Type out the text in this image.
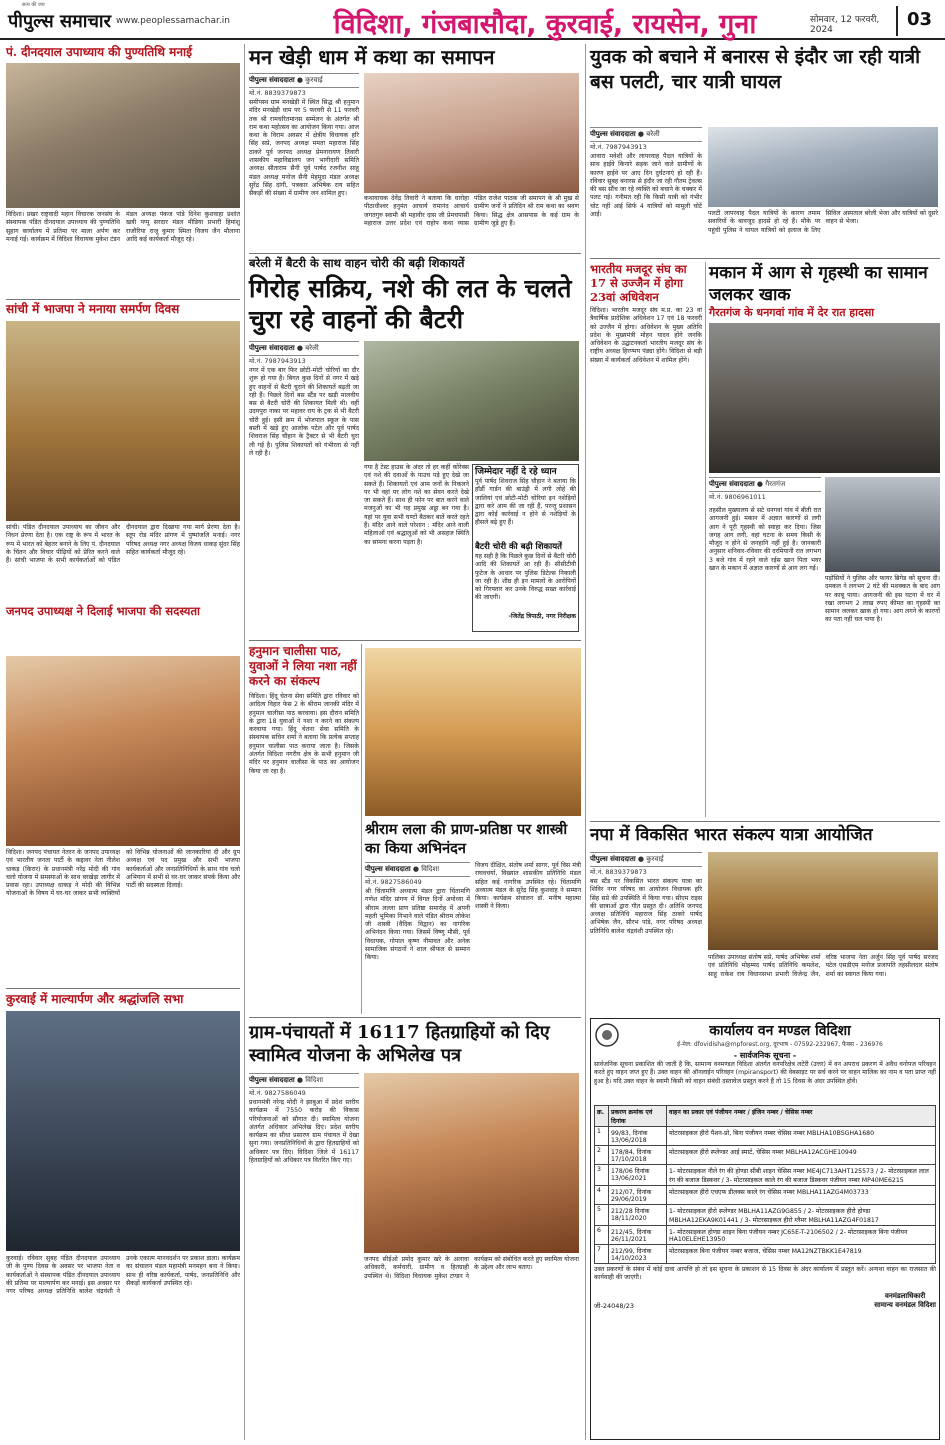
सत्य की जय
पीपुल्स समाचार www.peoplessamachar.in	विदिशा, गंजबासौदा, कुरवाई, रायसेन, गुना	सोमवार, 12 फरवरी, 2024	03
पं. दीनदयाल उपाध्याय की पुण्यतिथि मनाई
विदिशा। प्रखर राष्ट्रवादी महान विचारक जनसंघ के संस्थापक पंडित दीनदयाल उपाध्याय की पुण्यतिथि सुहाग कार्यालय में प्रतिमा पर माला अर्पण कर मनाई गई। कार्यक्रम में विदिशा विधायक मुकेश टंडन मंडल अध्यक्ष पंकज पांडे दिनेश कुशवाहा प्रशांत खत्री पप्पू सरदार मंडल मीडिया प्रभारी हिमांशु राजौरिया राजू कुमार स्मिता विजय जैन मौलाना आदि कई कार्यकर्ता मौजूद रहे।
सांची में भाजपा ने मनाया समर्पण दिवस
सांची। पंडित दीनदयाल उपाध्याय का जीवन और निधन प्रेरणा देता है। एक राष्ट्र के रूप में भारत के रूप में भारत को बेहतर बनाने के लिए पं. दीनदयाल के चिंतन और विचार पीढ़ियों को प्रेरित करने वाले हैं। सांची भाजपा के सभी कार्यकर्ताओं को पंडित दीनदयाल द्वारा दिखाया गया मार्ग प्रेरणा देता है। स्तूप रोड मंदिर प्रांगण में पुष्पांजलि मनाई। नगर परिषद अध्यक्ष नगर अध्यक्ष विजय धाकड़ सुंदर सिंह सहित कार्यकर्ता मौजूद रहे।
जनपद उपाध्यक्ष ने दिलाई भाजपा की सदस्यता
विदिशा। जनपद पंचायत नेतरन के जनपद उपाध्यक्ष एवं भारतीय जनता पार्टी के कद्दावर नेता नीलेश धाकड़ (किरार) के प्रधानमंत्री नरेंद्र मोदी की गांव चलो योजना में समस्याओं के साथ बरखेड़ा जागीर में प्रवास रहा। उपाध्यक्ष धाकड़ ने मोदी की विभिन्न योजनाओं के विषय में घर-घर जाकर सभी व्यक्तियों को विभिन्न योजनाओं की जानकारियां दी और ग्रुप अध्यक्ष एवं पद प्रमुख और सभी भाजपा कार्यकर्ताओं और जनप्रतिनिधियों के साथ गांव चलो अभियान में सभी से घर-घर जाकर संपर्क किया और पार्टी की सदस्यता दिलाई।
कुरवाई में माल्यार्पण और श्रद्धांजलि सभा
कुरवाई। रविवार सुबह पंडित दीनदयाल उपाध्याय जी के पुण्य दिवस के अवसर पर भाजपा नेता व कार्यकर्ताओं ने संस्थापक पंडित दीनदयाल उपाध्याय की प्रतिमा पर माल्यार्पण कर मनाई। इस अवसर पर नगर परिषद अध्यक्ष प्रतिनिधि बालेश चंद्रवंशी ने उनके एकात्म मानवदर्शन पर प्रकाश डाला। कार्यक्रम का संचालन मंडल महामंत्री मनमहन बना ने किया। साथ ही वरिष्ठ कार्यकर्ता, पार्षद, जनप्रतिनिधि और सैकड़ों कार्यकर्ता उपस्थित रहे।
मन खेड़ी धाम में कथा का समापन
पीपुल्स संवाददाता ● कुरवाई
मो.नं. 8839379873
समीपस्थ ग्राम मनखेड़ी में स्थित सिद्ध श्री हनुमान मंदिर मनखेड़ी धाम पर 5 फरवरी से 11 फरवरी तक श्री रामचरितमानस सम्मेलन के अंतर्गत श्री राम कथा महोत्सव का आयोजन किया गया। आज कथा के विराम अवसर में क्षेत्रीय विधायक हरि सिंह सप्रे, जनपद अध्यक्ष ममता महाराज सिंह ठाकरे पूर्व जनपद अध्यक्ष प्रेमनारायण तिवारी शासकीय महाविद्यालय जन भागीदारी समिति अध्यक्ष सीताराम सैनी पूर्व पार्षद रजनीश साहू मंडल अध्यक्ष मनोज सैनी मेहमूदा मंडल अध्यक्ष सुरेंद्र सिंह दांगी, पत्रकार अभिषेक राय सहित सैकड़ों की संख्या में ग्रामीण जन शामिल हुए।
कथावाचक देवेंद्र तिवारी ने बताया कि धारोहा पीठाधीश्वर हनुमंत आचार्य रामानंद आचार्य जगतगुरु स्वामी श्री महावीर दास जी प्रेमचपासी महाराज उत्तर प्रदेश एवं राहोप कथा व्यास पंडित राजेश पाठक जी समापन के श्री मुख से ग्रामीण जनों ने प्रतिदिन श्री राम कथा का श्रवण किया। सिद्ध क्षेत्र आसपास के कई ग्राम के ग्रामीण जुड़े हुए हैं।
बरेली में बैटरी के साथ वाहन चोरी की बढ़ी शिकायतें
गिरोह सक्रिय, नशे की लत के चलते चुरा रहे वाहनों की बैटरी
पीपुल्स संवाददाता ● बरेली
मो.नं. 7987943913
नगर में एक बार फिर छोटी-मोटी चोरियों का दौर शुरू हो गया है। बिगत कुछ दिनों से नगर में खड़े हुए वाहनों से बैटरी चुराने की शिकायतें बढ़ती जा रही हैं। पिछले दिनों बस स्टैंड पर खड़ी मालवीय बस से बैटरी चोरी की शिकायत मिली थी। वहीं उदयपुरा नाका पर महावर राय के ट्रक से भी बैटरी चोरी हुई। इसी क्रम में भोजपाल स्कूल के पास बस्ती में खड़े हुए आलोक पटेल और पूर्व पार्षद शिवराज सिंह चौहान के ट्रैक्टर से भी बैटरी चुरा ली गई है। पुलिस शिकायतों को गंभीरता से नहीं ले रही है।
गया है टेस्ट हाउस के अंदर तो हर कहीं कोरेक्स एवं नशे की दवाओं के पाउच पड़े हुए देखे जा सकते हैं। शिकायतों एवं आम जनों के निकलने पर भी वहां पर लोग नशे का सेवन करते देखे जा सकते हैं। साथ ही फोन पर बात करने वाले मजनुओं का भी यह प्रमुख अड्डा बन गया है। यहां पर युवा सभी घण्टों बैठकर बातें करते रहते हैं। मंदिर आने वाले परेशान : मंदिर आने वाली महिलाओं एवं श्रद्धालुओं को भी असहज स्थिति का सामना करना पड़ता है।
जिम्मेदार नहीं दे रहे ध्यान
पूर्व पार्षद शिवराज सिंह चौहान ने बताया कि हॉर्डी गार्डन की बाउंड्री में लगी लोहे की जालियां एवं छोटी-मोटी चोरियां इन नशेड़ियों द्वारा करे आम की जा रही हैं, परन्तु प्रशासन द्वारा कोई कार्रवाई न होने से नशेड़ियों के हौसले बढ़े हुए हैं।
बैटरी चोरी की बढ़ी शिकायतें
यह सही है कि पिछले कुछ दिनों से बैटरी चोरी आदि की शिकायतें आ रही हैं। सीसीटीवी फुटेज के आधार पर पुलिस डिटेल्स निकाली जा रही है। शीघ्र ही इन मामलों के आरोपियों को गिरफ्तार कर उनके विरुद्ध सख्त कार्रवाई की जाएगी।
-जितेंद्र त्रिपाठी, नगर निरीक्षक
हनुमान चालीसा पाठ, युवाओं ने लिया नशा नहीं करने का संकल्प
विदिशा। हिंदू चेतना सेवा समिति द्वारा रविवार को आदित्य विहार फेस 2 के श्रीराम जानकी मंदिर में हनुमान चालीसा पाठ करवाया। इस दौरान समिति के द्वारा 18 युवाओं ने नशा न करने का संकल्प करवाया गया। हिंदू चेतना सेवा समिति के संस्थापक सचिन शर्मा ने बताया कि प्रत्येक सप्ताह हनुमान चालीसा पाठ कराया जाता है। जिसके अंतर्गत विदिशा नगरीय क्षेत्र के सभी हनुमान जी मंदिर पर हनुमान चालीसा के पाठ का आयोजन किया जा रहा है।
श्रीराम लला की प्राण-प्रतिष्ठा पर शास्त्री का किया अभिनंदन
पीपुल्स संवाददाता ● विदिशा
मो.नं. 9827586049
श्री चिंतामणि अध्यात्म मंडल द्वारा चिंतामणि गणेश मंदिर प्रांगण में विगत दिनों अयोध्या में श्रीराम लल्ला प्राण प्रतिष्ठा समारोह में अपनी महती भूमिका निभाने वाले पंडित श्रीराम लोकेश जी शास्त्री (वैदिक विद्वान) का नागरिक अभिनंदन किया गया। जिसमें विष्णु मौसी, पूर्व विधायक, गोपाल कृष्ण नीमावत और अनेक सामाजिक संगठनों ने शाल श्रीफल से सम्मान किया।
विजय दीक्षित, संतोष शर्मा सागर, पूर्व विस मंत्री राघवचर्या, विख्यात शासकीय प्रतिनिधि मंडल सहित कई नागरिक उपस्थित रहे। चिंतामणि अध्यात्म मंडल के सुरेंद्र सिंह कुशवाह ने सम्मान किया। कार्यक्रम संचालन डॉ. मनीष महात्मा शास्त्री ने किया।
ग्राम-पंचायतों में 16117 हितग्राहियों को दिए स्वामित्व योजना के अभिलेख पत्र
पीपुल्स संवाददाता ● विदिशा
मो.नं. 9827586049
प्रधानमंत्री नरेन्द्र मोदी ने झाबुआ में प्रदेश स्तरीय कार्यक्रम में 7550 करोड़ की विकास परियोजनाओं को सौगात दी। स्वामित्व योजना अंतर्गत अधिकार अभिलेख दिए। प्रदेश स्तरीय कार्यक्रम का सीधा प्रसारण ग्राम पंचायत में देखा सुना गया। जनप्रतिनिधियों के द्वारा हितग्राहियों को अधिकार पत्र दिए। विदिशा जिले में 16117 हितग्राहियों को अधिकार पत्र वितरित किए गए।
जनपद सीईओ प्रमोद कुमार खरे के अलावा अधिकारी, कर्मचारी, ग्रामीण व हितग्राही उपस्थित थे। विदिशा विधायक मुकेश टण्डन ने कार्यक्रम को संबोधित करते हुए स्वामित्व योजना के उद्देश्य और लाभ बताए।
युवक को बचाने में बनारस से इंदौर जा रही यात्री बस पलटी, चार यात्री घायल
पीपुल्स संवाददाता ● बरेली
मो.नं. 7987943913
आवारा मवेशी और लापरवाह पैदल यात्रियों के साथ हाईवे किनारे सड़क जाने वाले ग्रामीणों के कारण हाईवे पर आए दिन दुर्घटनाएं हो रही हैं। रविवार सुबह बनारस से इंदौर जा रही गौतम ट्रेवल्स की बस सौंच जा रहे व्यक्ति को बचाने के चक्कर में पलट गई। गनीमत रही कि किसी यात्री को गंभीर चोट नहीं आई सिर्फ 4 यात्रियों को मामूली चोटें आईं।	पलटी लापरवाह पैदल यात्रियों के कारण तमाम सवारियों के बावजूद हादसे हो रहे हैं। मौके पर पहुंची पुलिस ने घायल यात्रियों को इलाज के लिए सिविल अस्पताल बरेली भेजा और यात्रियों को दूसरे वाहन से भेजा।
भारतीय मजदूर संघ का 17 से उज्जैन में होगा 23वां अधिवेशन
विदिशा। भारतीय मजदूर संघ म.प्र. का 23 वां त्रैवार्षिक प्रादेशिक अधिवेशन 17 एवं 18 फरवरी को उज्जैन में होगा। अधिवेशन के मुख्य अतिथि प्रदेश के मुख्यमंत्री मोहन यादव होंगे जनकि अधिवेशन के उद्घाटनकर्ता भारतीय मजदूर संघ के राष्ट्रीय अध्यक्ष हिरण्मय पंड्या होंगे। विदिशा से बड़ी संख्या में कार्यकर्ता अधिवेशन में शामिल होंगे।
मकान में आग से गृहस्थी का सामान जलकर खाक
गैरतगंज के धनगवां गांव में देर रात हादसा
पीपुल्स संवाददाता ● गैरतगंज
मो.नं. 9806961011
तहसील मुख्यालय से सटे धनगवां गांव में बीती रात आगजनी हुई। मकान में अज्ञात कारणों से लगी आग ने पूरी गृहस्थी को स्वाहा कर दिया। जिस जगह आग लगी, वहां घटना के समय किसी के मौजूद न होने से जनहानि नहीं हुई है। जानकारी अनुसार शनिवार-रविवार की दरमियानी रात लगभग 3 बजे गांव में रहने वाले रईस खान पिता भवर खान के मकान में अज्ञात कारणों से आग लग गई।
पड़ोसियों ने पुलिस और फायर ब्रिगेड को सूचना दी। दमकल ने लगभग 2 घंटे की मशक्कत के बाद आग पर काबू पाया। आगजनी की इस घटना में घर में रखा लगभग 2 लाख रुपए कीमत का गृहस्थी का सामान जलकर खाक हो गया। आग लगने के कारणों का पता नहीं चल पाया है।
नपा में विकसित भारत संकल्प यात्रा आयोजित
पीपुल्स संवाददाता ● कुरवाई
मो.नं. 8839379873
बस स्टैंड पर विकसित भारत संकल्प यात्रा का शिविर नगर परिषद का आयोजन विधायक हरि सिंह सप्रे की उपस्थिति में किया गया। सीएम राइस की छात्राओं द्वारा गीत प्रस्तुत दी। अतिथि जनपद अध्यक्ष प्रतिनिधि महाराज सिंह ठाकरे पार्षद अभिषेक जैन, सौरभ पांडे, नगर परिषद अध्यक्ष प्रतिनिधि बालेश चंद्रवंशी उपस्थित रहे।
पालिका उपाध्यक्ष संतोष सप्रे, पार्षद अभिषेक शर्मा एवं प्रतिनिधि मोहम्मद पार्षद प्रतिनिधि कमलेश, साहू राकेश राय विधानसभा प्रभारी विजेन्द्र जैन, वरिष्ठ भाजपा नेता अर्जुन सिंह पूर्व पार्षद सरजद पटेल एसडीएम मनोज प्रजापति तहसीलदार संतोष शर्मा का स्वागत किया गया।
कार्यालय वन मण्डल विदिशा
ई-मेल: dfovidisha@mpforest.org, दूरभाष - 07592-232967, फैक्स - 236976
- सार्वजनिक सूचना -
सार्वजनिक सूचना प्रकाशित की जाती है कि, सामान्य वनमण्डल विदिशा अंतर्गत वनपरिक्षेत्र लटेरी (उत्तर) में वन अपराध प्रकरण में अवैध वनोपज परिवहन करते हुए वाहन जप्त हुए हैं। उक्त वाहन की ऑनलाईन परिवहन (mpiransport) की वेबसाइट पर सर्च करने पर वाहन मालिक का नाम व पता प्राप्त नहीं हुआ है। यदि उक्त वाहन के स्वामी किसी को वाहन संबंधी दस्तावेज प्रस्तुत करने हैं तो 15 दिवस के अंदर उपस्थित होवें।
क्र.	प्रकरण क्रमांक एवं दिनांक	वाहन का प्रकार एवं पंजीयन नम्बर / इंजिन नम्बर / चेसिस नम्बर
1	99/83, दिनांक 13/06/2018	मोटरसाइकल हीरो पैशन-प्रो, बिना पंजीयन नम्बर चेसिस नम्बर MBLHA10BSGHA1680
2	178/84, दिनांक 17/10/2018	मोटरसाइकल हीरो स्प्लेण्डर आई स्मार्ट, चेसिस नम्बर MBLHA12ACGHE10949
3	178/06 दिनांक 13/06/2021	1- मोटरसाइकल नीले रंग की होण्डा सीबी शाइन चेसिस नम्बर ME4JC713AHT125573 / 2- मोटरसाइकल लाल रंग की बजाज डिस्कवर / 3- मोटरसाइकल काले रंग की बजाज डिस्कवर पंजीयन नम्बर MP40ME6215
4	212/07, दिनांक 29/06/2019	मोटरसाइकल हीरो एचएफ डीलक्स काले रंग चेसिस नम्बर MBLHA11AZG4M03733
5	212/28 दिनांक 18/11/2020	1- मोटरसाइकल हीरो स्प्लेण्डर MBLHA11AZG9G855 / 2- मोटरसाइकल हीरो होण्डा MBLHA12EKA9K01441 / 3- मोटरसाइकल हीरो ग्लैमर MBLHA11AZG4F01817
6	212/45, दिनांक 26/11/2021	1- मोटरसाइकल होण्डा शाइन बिना पंजीयन नम्बर JC65E-T-2106502 / 2- मोटरसाइकल बिना पंजीयन HA10ELEHE13950
7	212/99, दिनांक 14/10/2023	मोटरसाइकल बिना पंजीयन नम्बर बजाज, चेसिस नम्बर MA12NZTBKK1E47819
उक्त प्रकरणों के संबंध में कोई दावा आपत्ति हो तो इस सूचना के प्रकाशन से 15 दिवस के अंदर कार्यालय में प्रस्तुत करें। अन्यथा वाहन का राजसात की कार्यवाही की जाएगी।
जी-24048/23
वनमंडलाधिकारी
सामान्य वनमंडल विदिशा
